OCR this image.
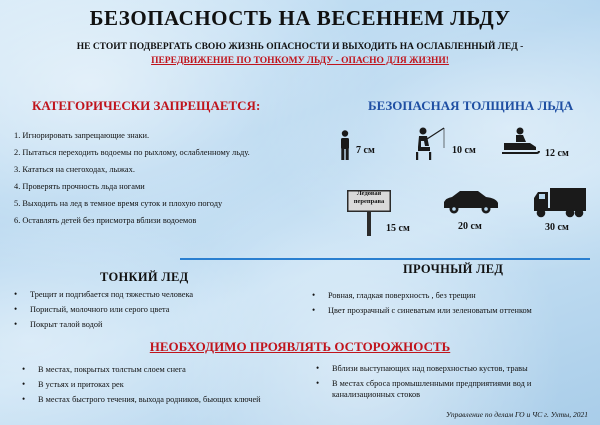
БЕЗОПАСНОСТЬ НА ВЕСЕННЕМ ЛЬДУ
НЕ СТОИТ ПОДВЕРГАТЬ СВОЮ ЖИЗНЬ ОПАСНОСТИ И ВЫХОДИТЬ НА ОСЛАБЛЕННЫЙ ЛЕД -
ПЕРЕДВИЖЕНИЕ ПО ТОНКОМУ ЛЬДУ - ОПАСНО ДЛЯ ЖИЗНИ!
КАТЕГОРИЧЕСКИ ЗАПРЕЩАЕТСЯ:
1. Игнорировать запрещающие знаки.
2. Пытаться переходить водоемы по рыхлому, ослабленному льду.
3. Кататься на снегоходах, лыжах.
4. Проверять прочность льда ногами
5. Выходить на лед в темное время суток и плохую погоду
6. Оставлять детей без присмотра вблизи водоемов
БЕЗОПАСНАЯ ТОЛЩИНА ЛЬДА
7 см	10 см	12 см
Ледовая переправа
15 см	20 см	30 см
ТОНКИЙ ЛЕД
•	Трещит и подгибается под тяжестью человека
•	Пористый, молочного или серого цвета
•	Покрыт талой водой
ПРОЧНЫЙ ЛЕД
•	Ровная, гладкая поверхность , без трещин
•	Цвет прозрачный с синеватым или зеленоватым оттенком
НЕОБХОДИМО ПРОЯВЛЯТЬ ОСТОРОЖНОСТЬ
•	В местах, покрытых толстым слоем снега
•	В устьях и притоках рек
•	В местах быстрого течения, выхода родников, бьющих ключей
•	Вблизи выступающих над поверхностью кустов, травы
•	В местах сброса промышленными предприятиями вод и канализационных стоков
Управление по делам ГО и ЧС г. Ухты, 2021
